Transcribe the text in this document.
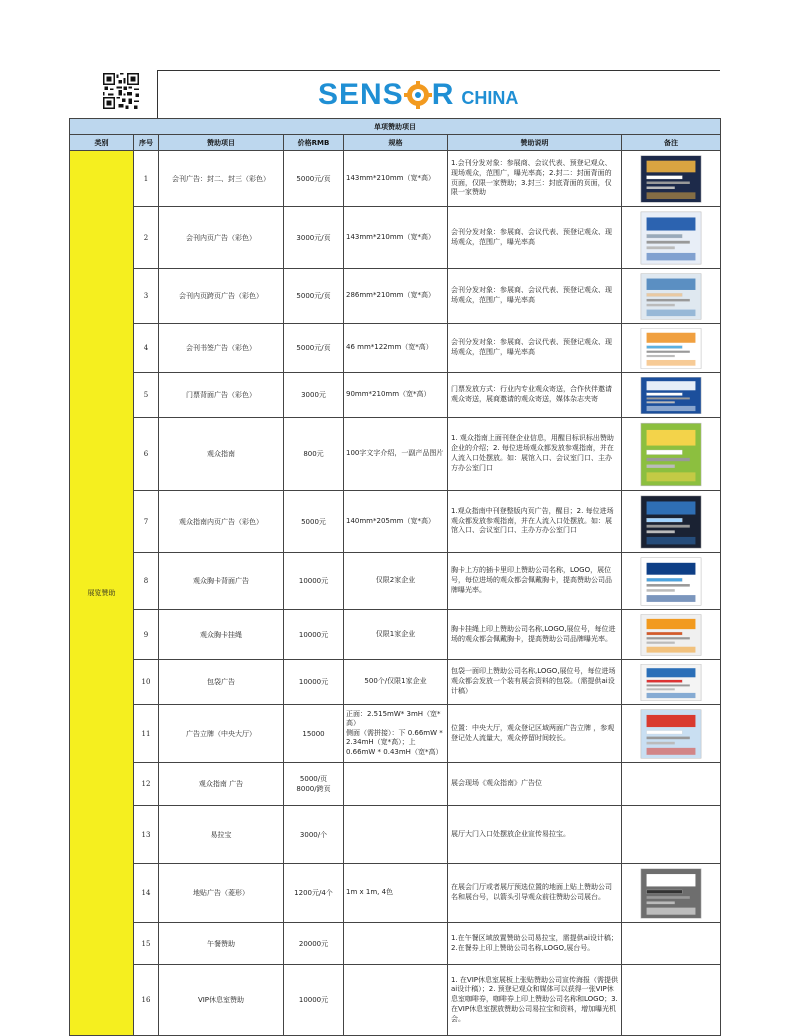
SENS R CHINA
单项赞助项目						
类别	序号	赞助项目	价格RMB	规格	赞助说明	备注
展览赞助	1	会刊广告：封二、封三（彩色）	5000元/页	143mm*210mm（宽*高）	1.会刊分发对象：参展商、会议代表、预登记观众、现场观众，范围广，曝光率高；2.封二：封面背面的页面，仅限一家赞助；3.封三：封底背面的页面，仅限一家赞助	

	2	会刊内页广告（彩色）	3000元/页	143mm*210mm（宽*高）	会刊分发对象：参展商、会议代表、预登记观众、现场观众，范围广，曝光率高	

	3	会刊内页跨页广告（彩色）	5000元/页	286mm*210mm（宽*高）	会刊分发对象：参展商、会议代表、预登记观众、现场观众，范围广，曝光率高	

	4	会刊书签广告（彩色）	5000元/页	46 mm*122mm（宽*高）	会刊分发对象：参展商、会议代表、预登记观众、现场观众，范围广，曝光率高	

	5	门票背面广告（彩色）	3000元	90mm*210mm（宽*高）	门票发放方式：行业内专业观众寄送，合作伙伴邀请观众寄送，展商邀请的观众寄送，媒体杂志夹寄	

	6	观众指南	800元	100字文字介绍，一副产品图片	1. 观众指南上面刊登企业信息，用醒目标识标出赞助企业的介绍；2. 每位进场观众都发放参观指南，并在人流入口处摆放。如：展馆入口、会议室门口、主办方办公室门口	

	7	观众指南内页广告（彩色）	5000元	140mm*205mm（宽*高）	1.观众指南中刊登整版内页广告，醒目；2. 每位进场观众都发放参观指南，并在人流入口处摆放。如：展馆入口、会议室门口、主办方办公室门口	

	8	观众胸卡背面广告	10000元	仅限2家企业	胸卡上方的插卡里印上赞助公司名称，LOGO，展位号，每位进场的观众都会佩戴胸卡，提高赞助公司品牌曝光率。	

	9	观众胸卡挂绳	10000元	仅限1家企业	胸卡挂绳上印上赞助公司名称,LOGO,展位号，每位进场的观众都会佩戴胸卡，提高赞助公司品牌曝光率。	

	10	包袋广告	10000元	500个/仅限1家企业	包袋一面印上赞助公司名称,LOGO,展位号，每位进场观众都会发放一个装有展会资料的包袋。（需提供ai设计稿）	

	11	广告立牌（中央大厅）	15000	正面：2.515mW* 3mH（宽*高）
侧面（需拼接）：下 0.66mW * 2.34mH（宽*高）；上 0.66mW * 0.43mH（宽*高）	位置：中央大厅，观众登记区域两面广告立牌 ，参观登记处人流量大，观众停留时间较长。	

	12	观众指南 广告	5000/页
8000/跨页		展会现场《观众指南》广告位	
	13	易拉宝	3000/个		展厅大门入口处摆放企业宣传易拉宝。	
	14	地贴广告（菱形）	1200元/4个	1m x 1m, 4色	在展会门厅或者展厅预选位置的地面上贴上赞助公司名和展台号，以箭头引导观众前往赞助公司展台。	

	15	午餐赞助	20000元		1.在午餐区域放置赞助公司易拉宝，需提供ai设计稿；2.在餐券上印上赞助公司名称,LOGO,展台号。	
	16	VIP休息室赞助	10000元		1. 在VIP休息室展板上张贴赞助公司宣传海报（需提供ai设计稿）；2. 预登记观众和媒体可以获得一张VIP休息室咖啡券，咖啡券上印上赞助公司名称和LOGO；3.在VIP休息室摆放赞助公司易拉宝和资料，增加曝光机会。	
